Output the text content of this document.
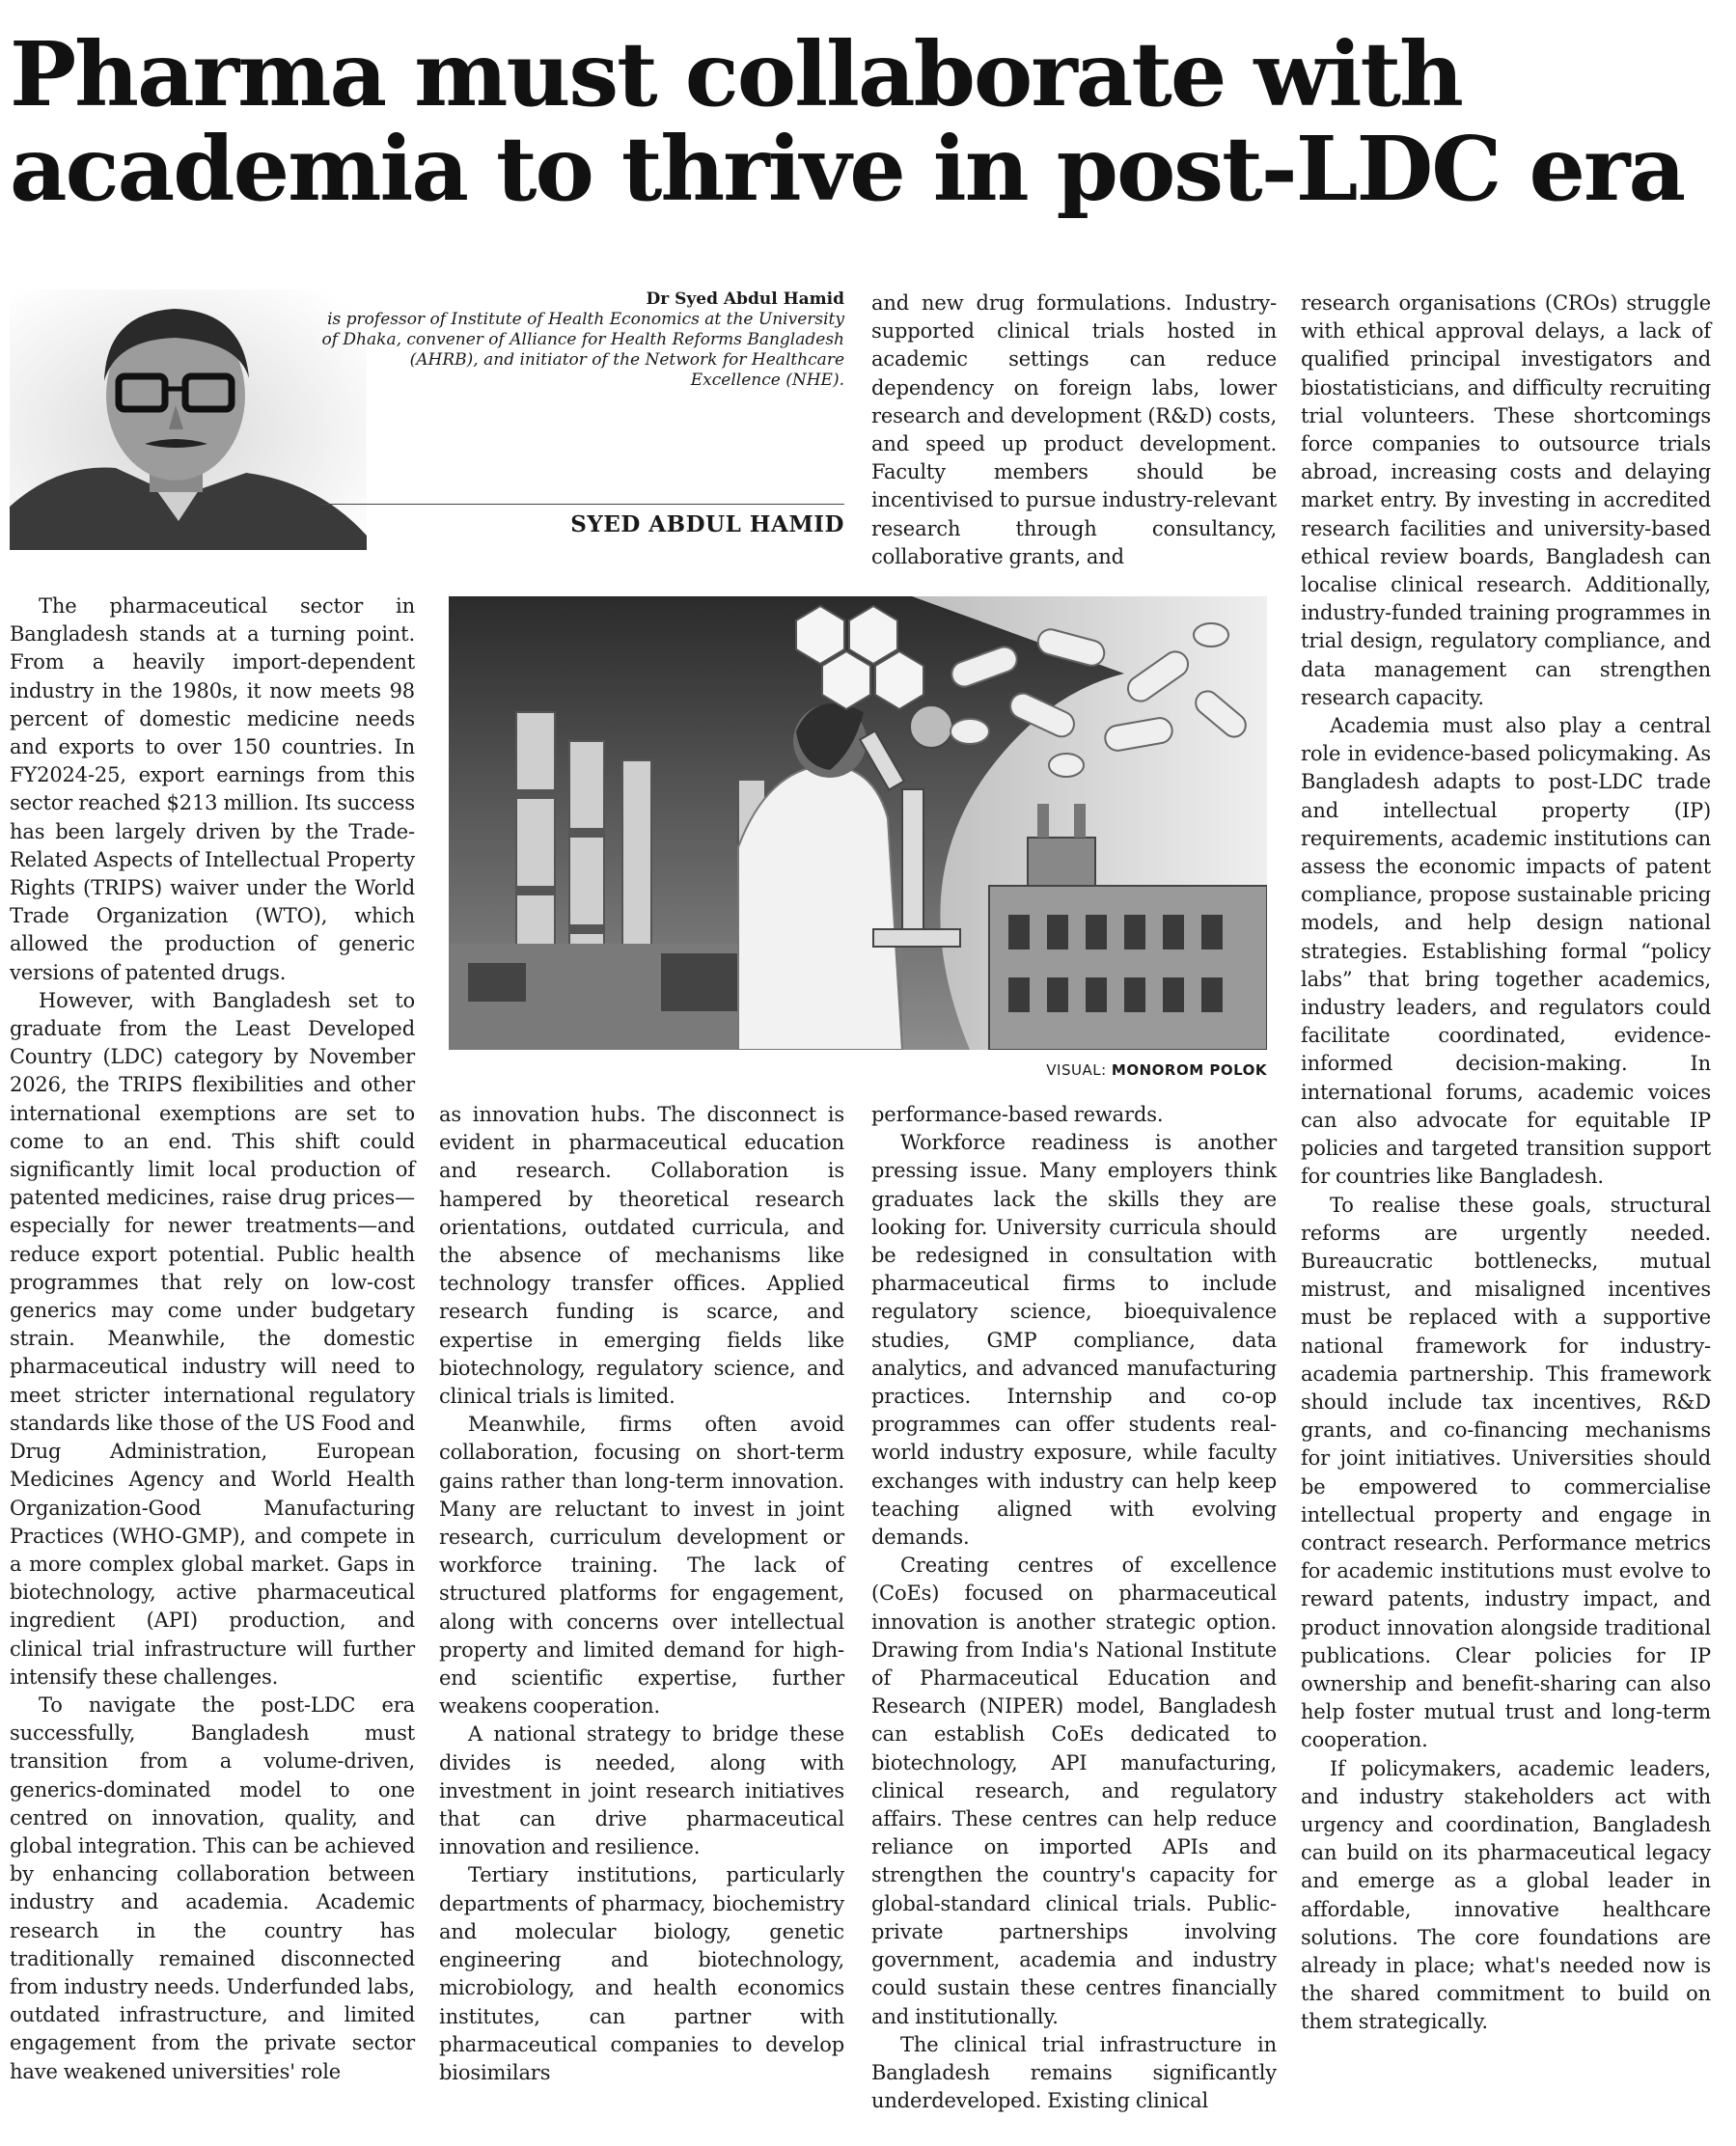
Pharma must collaborate with
academia to thrive in post-LDC era
Dr Syed Abdul Hamid
is professor of Institute of Health Economics at the University of Dhaka, convener of Alliance for Health Reforms Bangladesh (AHRB), and initiator of the Network for Healthcare Excellence (NHE).
SYED ABDUL HAMID

The pharmaceutical sector in Bangladesh stands at a turning point. From a heavily import-dependent industry in the 1980s, it now meets 98 percent of domestic medicine needs and exports to over 150 countries. In FY2024-25, export earnings from this sector reached $213 million. Its success has been largely driven by the Trade-Related Aspects of Intellectual Property Rights (TRIPS) waiver under the World Trade Organization (WTO), which allowed the production of generic versions of patented drugs.

However, with Bangladesh set to graduate from the Least Developed Country (LDC) category by November 2026, the TRIPS flexibilities and other international exemptions are set to come to an end. This shift could significantly limit local production of patented medicines, raise drug prices—especially for newer treatments—and reduce export potential. Public health programmes that rely on low-cost generics may come under budgetary strain. Meanwhile, the domestic pharmaceutical industry will need to meet stricter international regulatory standards like those of the US Food and Drug Administration, European Medicines Agency and World Health Organization-Good Manufacturing Practices (WHO-GMP), and compete in a more complex global market. Gaps in biotechnology, active pharmaceutical ingredient (API) production, and clinical trial infrastructure will further intensify these challenges.

To navigate the post-LDC era successfully, Bangladesh must transition from a volume-driven, generics-dominated model to one centred on innovation, quality, and global integration. This can be achieved by enhancing collaboration between industry and academia. Academic research in the country has traditionally remained disconnected from industry needs. Underfunded labs, outdated infrastructure, and limited engagement from the private sector have weakened universities' role

and new drug formulations. Industry-supported clinical trials hosted in academic settings can reduce dependency on foreign labs, lower research and development (R&D) costs, and speed up product development. Faculty members should be incentivised to pursue industry-relevant research through consultancy, collaborative grants, and

VISUAL: MONOROM POLOK

as innovation hubs. The disconnect is evident in pharmaceutical education and research. Collaboration is hampered by theoretical research orientations, outdated curricula, and the absence of mechanisms like technology transfer offices. Applied research funding is scarce, and expertise in emerging fields like biotechnology, regulatory science, and clinical trials is limited.

Meanwhile, firms often avoid collaboration, focusing on short-term gains rather than long-term innovation. Many are reluctant to invest in joint research, curriculum development or workforce training. The lack of structured platforms for engagement, along with concerns over intellectual property and limited demand for high-end scientific expertise, further weakens cooperation.

A national strategy to bridge these divides is needed, along with investment in joint research initiatives that can drive pharmaceutical innovation and resilience.

Tertiary institutions, particularly departments of pharmacy, biochemistry and molecular biology, genetic engineering and biotechnology, microbiology, and health economics institutes, can partner with pharmaceutical companies to develop biosimilars

performance-based rewards.

Workforce readiness is another pressing issue. Many employers think graduates lack the skills they are looking for. University curricula should be redesigned in consultation with pharmaceutical firms to include regulatory science, bioequivalence studies, GMP compliance, data analytics, and advanced manufacturing practices. Internship and co-op programmes can offer students real-world industry exposure, while faculty exchanges with industry can help keep teaching aligned with evolving demands.

Creating centres of excellence (CoEs) focused on pharmaceutical innovation is another strategic option. Drawing from India's National Institute of Pharmaceutical Education and Research (NIPER) model, Bangladesh can establish CoEs dedicated to biotechnology, API manufacturing, clinical research, and regulatory affairs. These centres can help reduce reliance on imported APIs and strengthen the country's capacity for global-standard clinical trials. Public-private partnerships involving government, academia and industry could sustain these centres financially and institutionally.

The clinical trial infrastructure in Bangladesh remains significantly underdeveloped. Existing clinical

research organisations (CROs) struggle with ethical approval delays, a lack of qualified principal investigators and biostatisticians, and difficulty recruiting trial volunteers. These shortcomings force companies to outsource trials abroad, increasing costs and delaying market entry. By investing in accredited research facilities and university-based ethical review boards, Bangladesh can localise clinical research. Additionally, industry-funded training programmes in trial design, regulatory compliance, and data management can strengthen research capacity.

Academia must also play a central role in evidence-based policymaking. As Bangladesh adapts to post-LDC trade and intellectual property (IP) requirements, academic institutions can assess the economic impacts of patent compliance, propose sustainable pricing models, and help design national strategies. Establishing formal “policy labs” that bring together academics, industry leaders, and regulators could facilitate coordinated, evidence-informed decision-making. In international forums, academic voices can also advocate for equitable IP policies and targeted transition support for countries like Bangladesh.

To realise these goals, structural reforms are urgently needed. Bureaucratic bottlenecks, mutual mistrust, and misaligned incentives must be replaced with a supportive national framework for industry-academia partnership. This framework should include tax incentives, R&D grants, and co-financing mechanisms for joint initiatives. Universities should be empowered to commercialise intellectual property and engage in contract research. Performance metrics for academic institutions must evolve to reward patents, industry impact, and product innovation alongside traditional publications. Clear policies for IP ownership and benefit-sharing can also help foster mutual trust and long-term cooperation.

If policymakers, academic leaders, and industry stakeholders act with urgency and coordination, Bangladesh can build on its pharmaceutical legacy and emerge as a global leader in affordable, innovative healthcare solutions. The core foundations are already in place; what's needed now is the shared commitment to build on them strategically.
